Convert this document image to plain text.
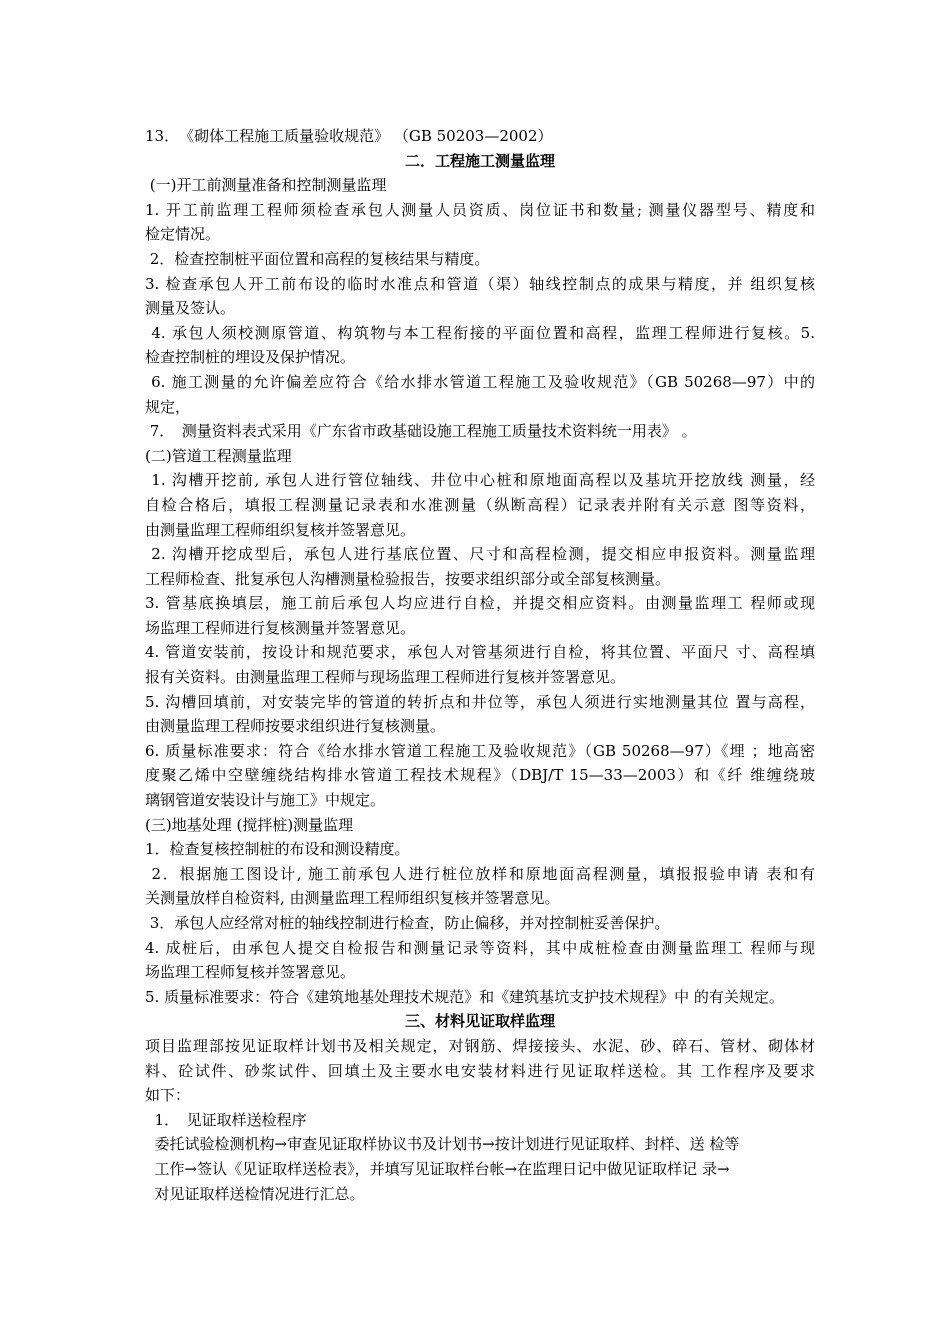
13．　《砌体工程施工质量验收规范》 （GB 50203—2002）
二．工程施工测量监理
(一)开工前测量准备和控制测量监理
1. 开工前监理工程师须检查承包人测量人员资质、岗位证书和数量; 测量仪器型号、精度和
检定情况。
2．检查控制桩平面位置和高程的复核结果与精度。
3. 检查承包人开工前布设的临时水准点和管道（渠）轴线控制点的成果与精度，并 组织复核
测量及签认。
4. 承包人须校测原管道、构筑物与本工程衔接的平面位置和高程，监理工程师进行复核。5.
检查控制桩的埋设及保护情况。
6. 施工测量的允许偏差应符合《给水排水管道工程施工及验收规范》（GB 50268—97）中的
规定，
7．　测量资料表式采用《广东省市政基础设施工程施工质量技术资料统一用表》 。
(二)管道工程测量监理
1. 沟槽开挖前, 承包人进行管位轴线、井位中心桩和原地面高程以及基坑开挖放线 测量，经
自检合格后，填报工程测量记录表和水准测量（纵断高程）记录表并附有关示意 图等资料，
由测量监理工程师组织复核并签署意见。
2. 沟槽开挖成型后，承包人进行基底位置、尺寸和高程检测，提交相应申报资料。测量监理
工程师检查、批复承包人沟槽测量检验报告，按要求组织部分或全部复核测量。
3. 管基底换填层，施工前后承包人均应进行自检，并提交相应资料。由测量监理工 程师或现
场监理工程师进行复核测量并签署意见。
4. 管道安装前，按设计和规范要求，承包人对管基须进行自检，将其位置、平面尺 寸、高程填
报有关资料。由测量监理工程师与现场监理工程师进行复核并签署意见。
5. 沟槽回填前，对安装完毕的管道的转折点和井位等，承包人须进行实地测量其位 置与高程，
由测量监理工程师按要求组织进行复核测量。
6. 质量标准要求：符合《给水排水管道工程施工及验收规范》（GB 50268—97）《埋 ；地高密
度聚乙烯中空壁缠绕结构排水管道工程技术规程》（DBJ/T 15—33—2003）和《纤 维缠绕玻
璃钢管道安装设计与施工》中规定。
(三)地基处理 (搅拌桩)测量监理
1．检查复核控制桩的布设和测设精度。
2．根据施工图设计, 施工前承包人进行桩位放样和原地面高程测量，填报报验申请 表和有
关测量放样自检资料, 由测量监理工程师组织复核并签署意见。
3．承包人应经常对桩的轴线控制进行检查，防止偏移，并对控制桩妥善保护。
4. 成桩后，由承包人提交自检报告和测量记录等资料，其中成桩检查由测量监理工 程师与现
场监理工程师复核并签署意见。
5. 质量标准要求：符合《建筑地基处理技术规范》和《建筑基坑支护技术规程》中 的有关规定。
三、材料见证取样监理
项目监理部按见证取样计划书及相关规定，对钢筋、焊接接头、水泥、砂、碎石、管材、砌体材
料、砼试件、砂浆试件、回填土及主要水电安装材料进行见证取样送检。其 工作程序及要求
如下：
1．　见证取样送检程序
委托试验检测机构→审查见证取样协议书及计划书→按计划进行见证取样、封样、送 检等
工作→签认《见证取样送检表》，并填写见证取样台帐→在监理日记中做见证取样记 录→
对见证取样送检情况进行汇总。
